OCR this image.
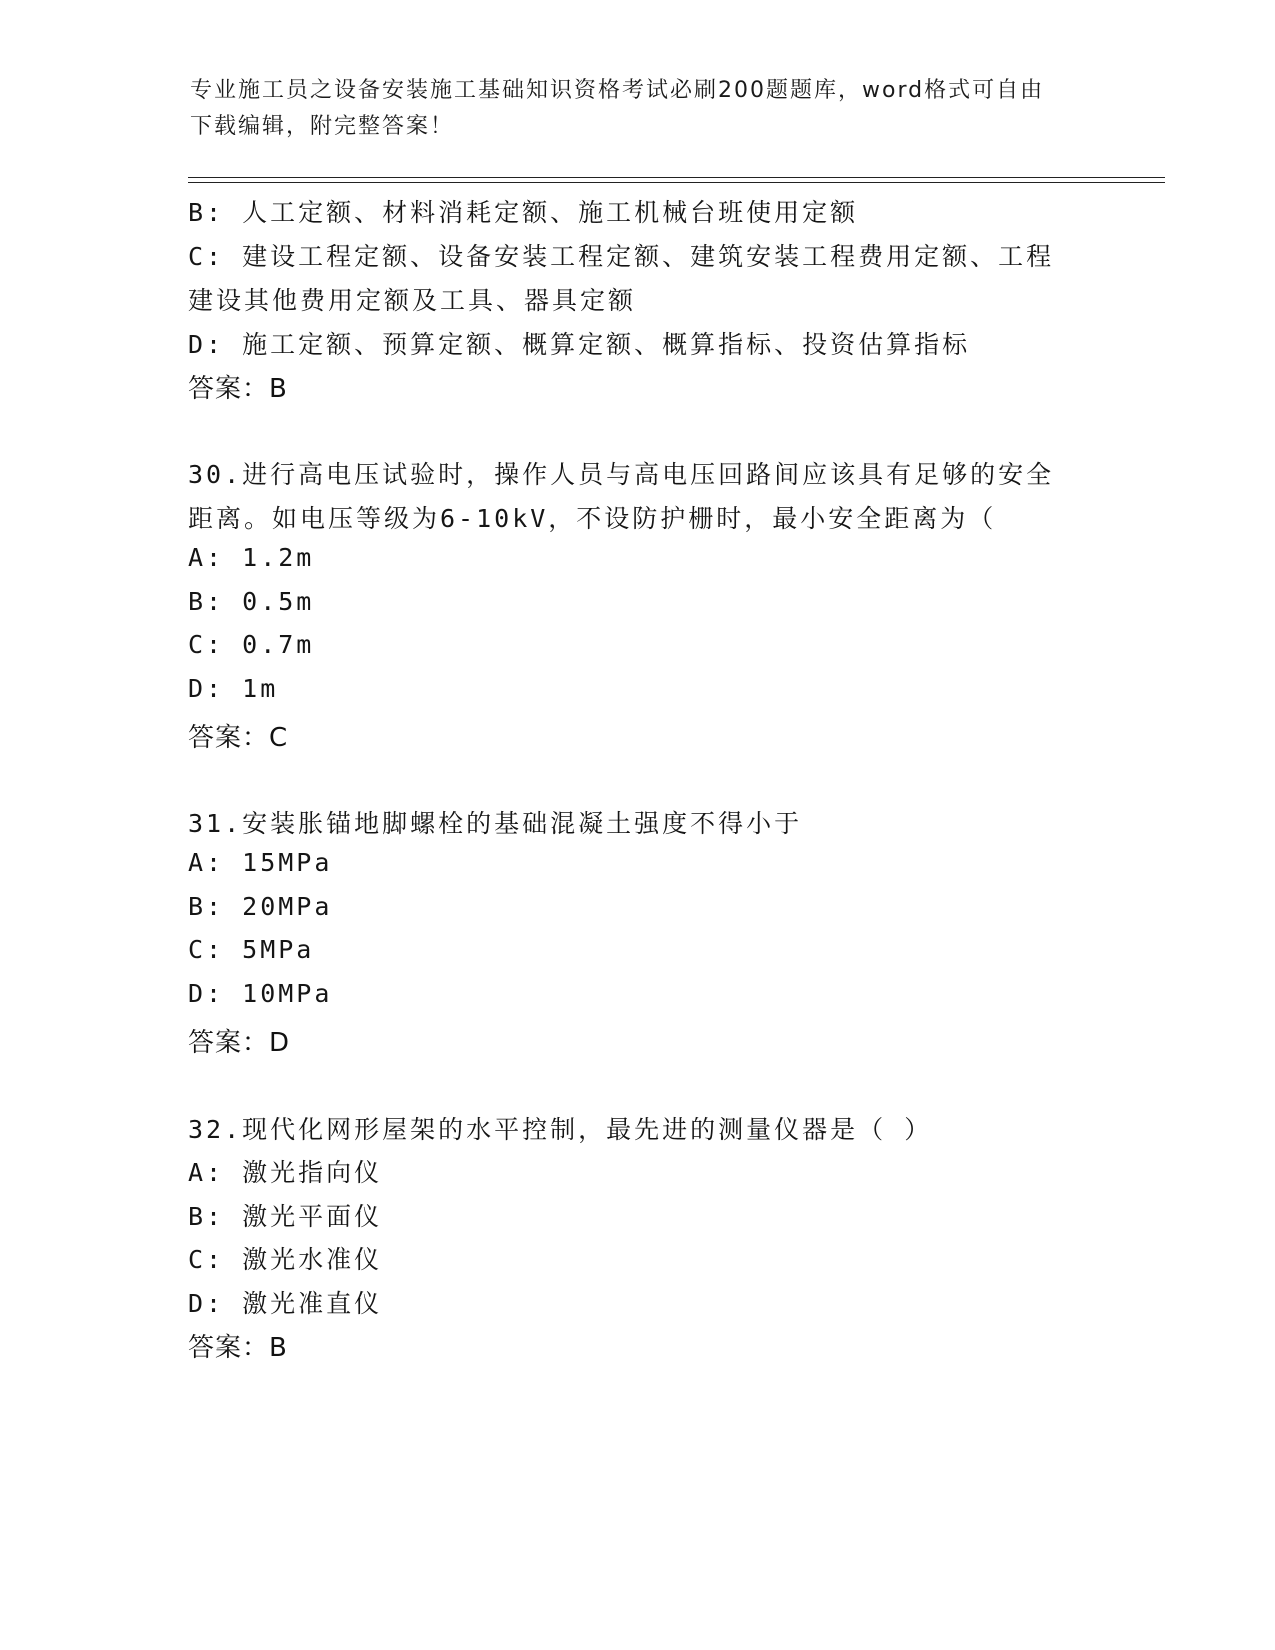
专业施工员之设备安装施工基础知识资格考试必刷200题题库，word格式可自由
下载编辑，附完整答案！
B: 人工定额、材料消耗定额、施工机械台班使用定额
C: 建设工程定额、设备安装工程定额、建筑安装工程费用定额、工程
建设其他费用定额及工具、器具定额
D: 施工定额、预算定额、概算定额、概算指标、投资估算指标
答案：B
30.进行高电压试验时，操作人员与高电压回路间应该具有足够的安全
距离。如电压等级为6-10kV，不设防护栅时，最小安全距离为（
A: 1.2m
B: 0.5m
C: 0.7m
D: 1m
答案：C
31.安装胀锚地脚螺栓的基础混凝土强度不得小于
A: 15MPa
B: 20MPa
C: 5MPa
D: 10MPa
答案：D
32.现代化网形屋架的水平控制，最先进的测量仪器是（ ）
A: 激光指向仪
B: 激光平面仪
C: 激光水准仪
D: 激光准直仪
答案：B
